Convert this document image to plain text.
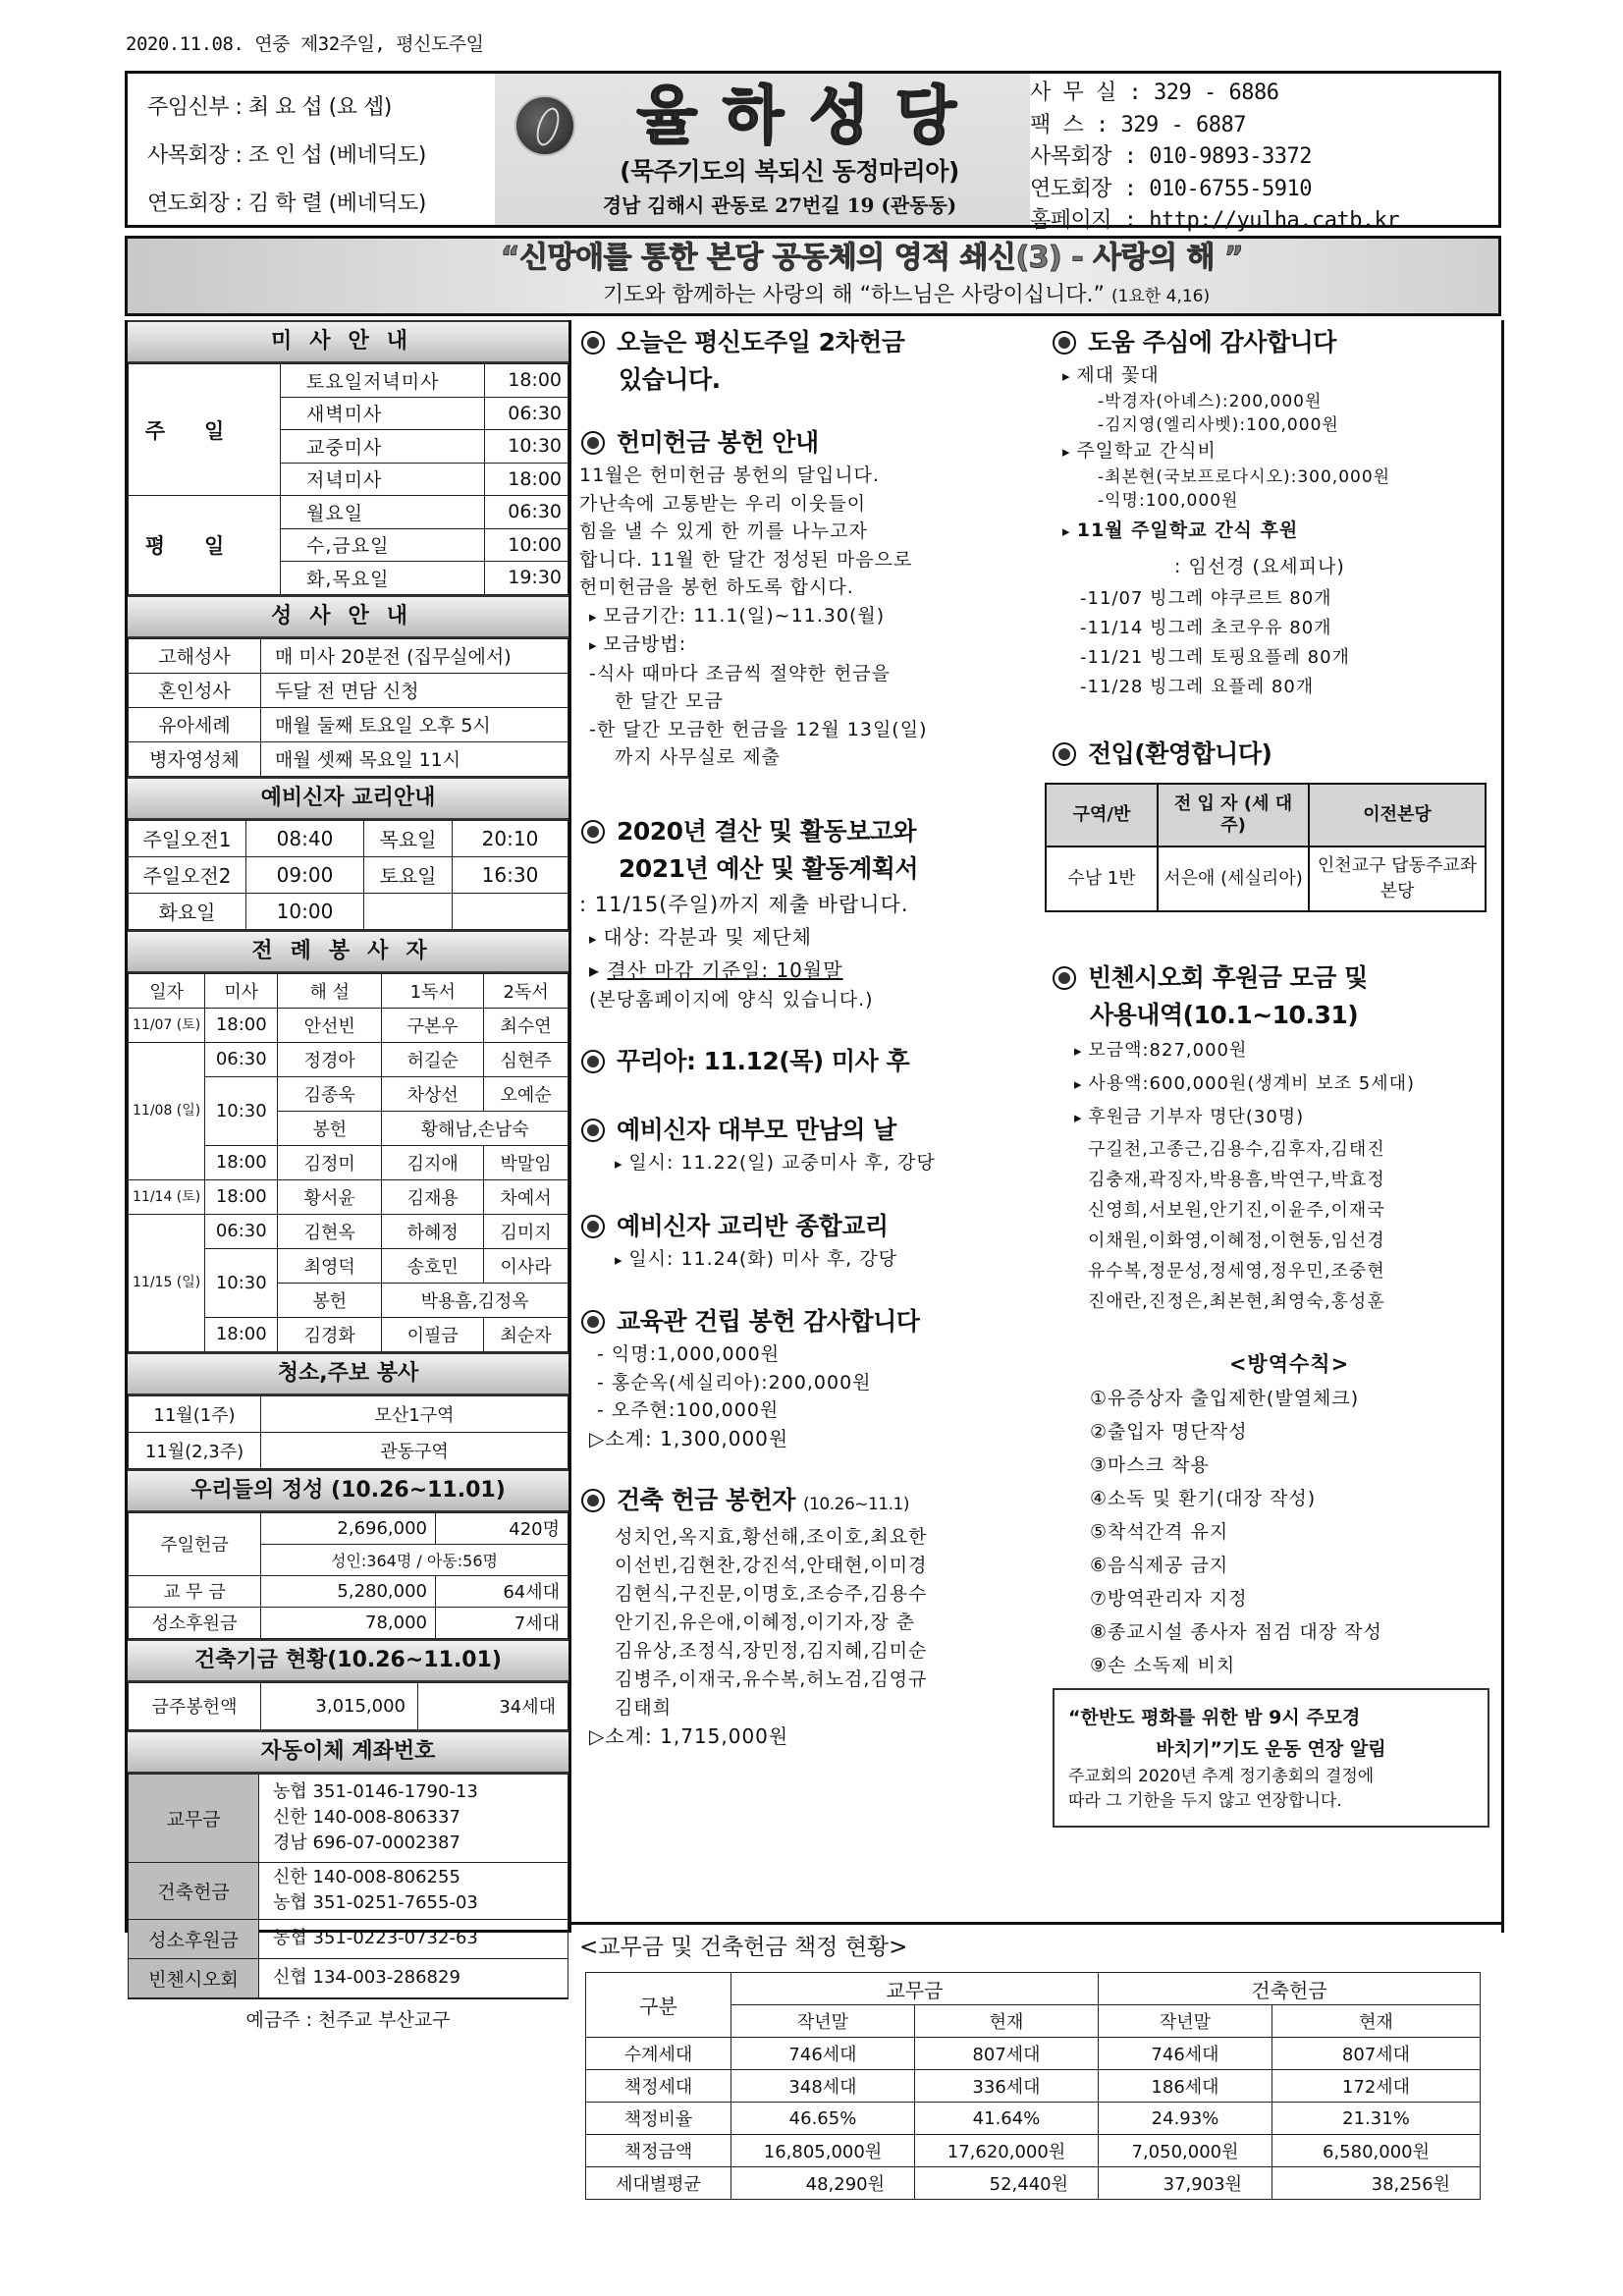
2020.11.08. 연중 제32주일, 평신도주일
주임신부 : 최 요 섭 (요 셉)
사목회장 : 조 인 섭 (베네딕도)
연도회장 : 김 학 렬 (베네딕도)
율하성당
(묵주기도의 복되신 동정마리아)
경남 김해시 관동로 27번길 19 (관동동)
사 무 실 : 329 - 6886
팩 스 : 329 - 6887
사목회장 : 010-9893-3372
연도회장 : 010-6755-5910
홈페이지 : http://yulha.catb.kr
“신망애를 통한 본당 공동체의 영적 쇄신(3) - 사랑의 해 ”
기도와 함께하는 사랑의 해 “하느님은 사랑이십니다.” (1요한 4,16)
미사안내
주일	토요일저녁미사	18:00
	새벽미사	06:30
	교중미사	10:30
	저녁미사	18:00
평일	월요일	06:30
	수,금요일	10:00
	화,목요일	19:30
성사안내
고해성사	매 미사 20분전 (집무실에서)
혼인성사	두달 전 면담 신청
유아세례	매월 둘째 토요일 오후 5시
병자영성체	매월 셋째 목요일 11시
예비신자 교리안내
주일오전1	08:40	목요일	20:10
주일오전2	09:00	토요일	16:30
화요일	10:00		
전례봉사자
일자	미사	해 설	1독서	2독서
11/07 (토)	18:00	안선빈	구본우	최수연
11/08 (일)	06:30	정경아	허길순	심현주
	10:30	김종욱	차상선	오예순
		봉헌	황해남,손남숙	
	18:00	김정미	김지애	박말임
11/14 (토)	18:00	황서윤	김재용	차예서
11/15 (일)	06:30	김현옥	하혜정	김미지
	10:30	최영덕	송호민	이사라
		봉헌	박용흠,김정옥	
	18:00	김경화	이필금	최순자
청소,주보 봉사
11월(1주)	모산1구역
11월(2,3주)	관동구역
우리들의 정성 (10.26~11.01)
주일헌금	2,696,000	420명
	성인:364명 / 아동:56명	
교 무 금	5,280,000	64세대
성소후원금	78,000	7세대
건축기금 현황(10.26~11.01)
금주봉헌액	3,015,000	34세대
자동이체 계좌번호
교무금	농협 351-0146-1790-13
신한 140-008-806337
경남 696-07-0002387

건축헌금	신한 140-008-806255
농협 351-0251-7655-03

성소후원금	농협 351-0223-0732-63
빈첸시오회	신협 134-003-286829
예금주 : 천주교 부산교구
오늘은 평신도주일 2차헌금
있습니다.
헌미헌금 봉헌 안내
11월은 헌미헌금 봉헌의 달입니다.
가난속에 고통받는 우리 이웃들이
힘을 낼 수 있게 한 끼를 나누고자
합니다. 11월 한 달간 정성된 마음으로
헌미헌금을 봉헌 하도록 합시다.
▸ 모금기간: 11.1(일)~11.30(월)
▸ 모금방법:
-식사 때마다 조금씩 절약한 헌금을
한 달간 모금
-한 달간 모금한 헌금을 12월 13일(일)
까지 사무실로 제출
2020년 결산 및 활동보고와
2021년 예산 및 활동계획서
: 11/15(주일)까지 제출 바랍니다.
▸ 대상: 각분과 및 제단체
▸ 결산 마감 기준일: 10월말
(본당홈페이지에 양식 있습니다.)
꾸리아: 11.12(목) 미사 후
예비신자 대부모 만남의 날
▸ 일시: 11.22(일) 교중미사 후, 강당
예비신자 교리반 종합교리
▸ 일시: 11.24(화) 미사 후, 강당
교육관 건립 봉헌 감사합니다
- 익명:1,000,000원
- 홍순옥(세실리아):200,000원
- 오주현:100,000원
▷소계: 1,300,000원
건축 헌금 봉헌자 (10.26~11.1)
성치언,옥지효,황선해,조이호,최요한
이선빈,김현찬,강진석,안태현,이미경
김현식,구진문,이명호,조승주,김용수
안기진,유은애,이혜정,이기자,장 춘
김유상,조정식,장민정,김지혜,김미순
김병주,이재국,유수복,허노검,김영규
김태희
▷소계: 1,715,000원
도움 주심에 감사합니다
▸ 제대 꽃대
-박경자(아녜스):200,000원
-김지영(엘리사벳):100,000원
▸ 주일학교 간식비
-최본현(국보프로다시오):300,000원
-익명:100,000원
▸ 11월 주일학교 간식 후원
: 임선경 (요세피나)
-11/07 빙그레 야쿠르트 80개
-11/14 빙그레 초코우유 80개
-11/21 빙그레 토핑요플레 80개
-11/28 빙그레 요플레 80개
전입(환영합니다)
구역/반	전 입 자 (세 대 주)	이전본당
수남 1반	서은애 (세실리아)	인천교구 답동주교좌본당
빈첸시오회 후원금 모금 및
사용내역(10.1~10.31)
▸ 모금액:827,000원
▸ 사용액:600,000원(생계비 보조 5세대)
▸ 후원금 기부자 명단(30명)
구길천,고종근,김용수,김후자,김태진
김충재,곽징자,박용흠,박연구,박효정
신영희,서보원,안기진,이윤주,이재국
이채원,이화영,이혜정,이현동,임선경
유수복,정문성,정세영,정우민,조중현
진애란,진정은,최본현,최영숙,홍성훈
<방역수칙>
①유증상자 출입제한(발열체크)
②출입자 명단작성
③마스크 착용
④소독 및 환기(대장 작성)
⑤착석간격 유지
⑥음식제공 금지
⑦방역관리자 지정
⑧종교시설 종사자 점검 대장 작성
⑨손 소독제 비치
“한반도 평화를 위한 밤 9시 주모경
바치기”기도 운동 연장 알림
주교회의 2020년 추계 정기총회의 결정에
따라 그 기한을 두지 않고 연장합니다.
<교무금 및 건축헌금 책정 현황>
구분	교무금		건축헌금	
	작년말	현재	작년말	현재
수계세대	746세대	807세대	746세대	807세대
책정세대	348세대	336세대	186세대	172세대
책정비율	46.65%	41.64%	24.93%	21.31%
책정금액	16,805,000원	17,620,000원	7,050,000원	6,580,000원
세대별평균	48,290원	52,440원	37,903원	38,256원
